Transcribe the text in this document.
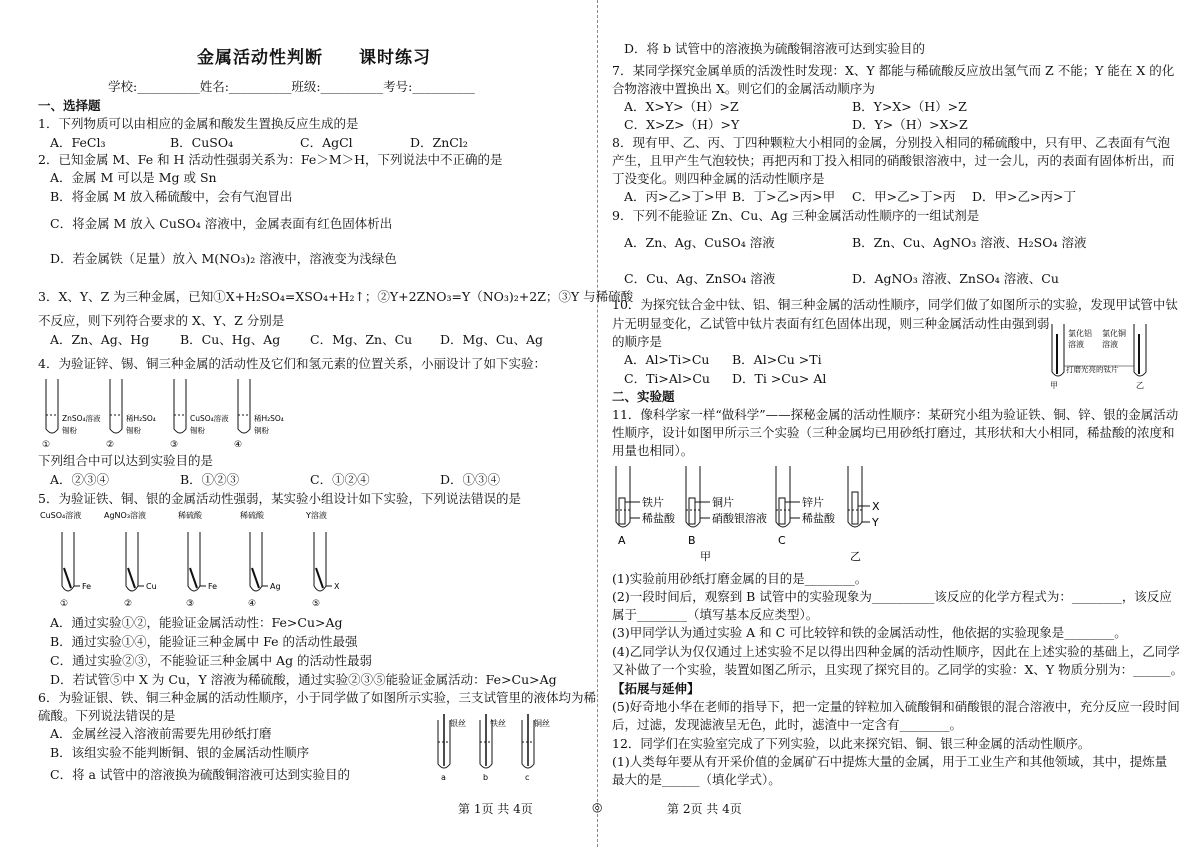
金属活动性判断　　课时练习
学校:__________姓名:__________班级:__________考号:__________
一、选择题
1．下列物质可以由相应的金属和酸发生置换反应生成的是
A．FeCl₃	B．CuSO₄	C．AgCl	D．ZnCl₂
2．已知金属 M、Fe 和 H 活动性强弱关系为：Fe＞M＞H，下列说法中不正确的是
A．金属 M 可以是 Mg 或 Sn
B．将金属 M 放入稀硫酸中，会有气泡冒出
C．将金属 M 放入 CuSO₄ 溶液中，金属表面有红色固体析出
D．若金属铁（足量）放入 M(NO₃)₂ 溶液中，溶液变为浅绿色
3．X、Y、Z 为三种金属，已知①X+H₂SO₄=XSO₄+H₂↑；②Y+2ZNO₃=Y（NO₃)₂+2Z；③Y 与稀硫酸
不反应，则下列符合要求的 X、Y、Z 分别是
A．Zn、Ag、Hg	B．Cu、Hg、Ag	C．Mg、Zn、Cu	D．Mg、Cu、Ag
4．为验证锌、锡、铜三种金属的活动性及它们和氢元素的位置关系，小丽设计了如下实验：
ZnSO₄溶液
锡粉
①
稀H₂SO₄
锡粉
②
CuSO₄溶液
锡粉
③
稀H₂SO₄
铜粉
④
下列组合中可以达到实验目的是
A．②③④	B．①②③	C．①②④	D．①③④
5．为验证铁、铜、银的金属活动性强弱，某实验小组设计如下实验，下列说法错误的是
CuSO₄溶液
Fe
①
AgNO₃溶液
Cu
②
稀硫酸
Fe
③
稀硫酸
Ag
④
Y溶液
X
⑤
A．通过实验①②，能验证金属活动性：Fe>Cu>Ag
B．通过实验①④，能验证三种金属中 Fe 的活动性最强
C．通过实验②③，不能验证三种金属中 Ag 的活动性最弱
D．若试管⑤中 X 为 Cu，Y 溶液为稀硫酸，通过实验②③⑤能验证金属活动：Fe>Cu>Ag
6．为验证银、铁、铜三种金属的活动性顺序，小于同学做了如图所示实验，三支试管里的液体均为稀
硫酸。下列说法错误的是
A．金属丝浸入溶液前需要先用砂纸打磨
B．该组实验不能判断铜、银的金属活动性顺序
C．将 a 试管中的溶液换为硫酸铜溶液可达到实验目的
银丝
a
铁丝
b
铜丝
c
第 1页 共 4页	◎
D．将 b 试管中的溶液换为硫酸铜溶液可达到实验目的
7．某同学探究金属单质的活泼性时发现：X、Y 都能与稀硫酸反应放出氢气而 Z 不能；Y 能在 X 的化
合物溶液中置换出 X。则它们的金属活动顺序为
A．X>Y>（H）>Z	B．Y>X>（H）>Z
C．X>Z>（H）>Y	D．Y>（H）>X>Z
8．现有甲、乙、丙、丁四种颗粒大小相同的金属，分别投入相同的稀硫酸中，只有甲、乙表面有气泡
产生，且甲产生气泡较快；再把丙和丁投入相同的硝酸银溶液中，过一会儿，丙的表面有固体析出，而
丁没变化。则四种金属的活动性顺序是
A．丙>乙>丁>甲 B．丁>乙>丙>甲	C．甲>乙>丁>丙	D．甲>乙>丙>丁
9．下列不能验证 Zn、Cu、Ag 三种金属活动性顺序的一组试剂是
A．Zn、Ag、CuSO₄ 溶液	B．Zn、Cu、AgNO₃ 溶液、H₂SO₄ 溶液
C．Cu、Ag、ZnSO₄ 溶液	D．AgNO₃ 溶液、ZnSO₄ 溶液、Cu
10．为探究钛合金中钛、铝、铜三种金属的活动性顺序，同学们做了如图所示的实验，发现甲试管中钛
片无明显变化，乙试管中钛片表面有红色固体出现，则三种金属活动性由强到弱
的顺序是
A．Al>Ti>Cu	B．Al>Cu >Ti
C．Ti>Al>Cu	D．Ti >Cu> Al
氯化铝
溶液
氯化铜
溶液
打磨光亮的钛片
甲	乙
二、实验题
11．像科学家一样“做科学”——探秘金属的活动性顺序：某研究小组为验证铁、铜、锌、银的金属活动
性顺序，设计如图甲所示三个实验（三种金属均已用砂纸打磨过，其形状和大小相同，稀盐酸的浓度和
用量也相同）。
铁片
稀盐酸
A
铜片
硝酸银溶液
B
锌片
稀盐酸
C
X
Y
甲	乙
(1)实验前用砂纸打磨金属的目的是________。
(2)一段时间后，观察到 B 试管中的实验现象为__________该反应的化学方程式为：________，该反应
属于________（填写基本反应类型）。
(3)甲同学认为通过实验 A 和 C 可比较锌和铁的金属活动性，他依据的实验现象是________。
(4)乙同学认为仅仅通过上述实验不足以得出四种金属的活动性顺序，因此在上述实验的基础上，乙同学
又补做了一个实验，装置如图乙所示，且实现了探究目的。乙同学的实验：X、Y 物质分别为：______。
【拓展与延伸】
(5)好奇地小华在老师的指导下，把一定量的锌粒加入硫酸铜和硝酸银的混合溶液中，充分反应一段时间
后，过滤，发现滤液呈无色，此时，滤渣中一定含有________。
12．同学们在实验室完成了下列实验，以此来探究铝、铜、银三种金属的活动性顺序。
(1)人类每年要从有开采价值的金属矿石中提炼大量的金属，用于工业生产和其他领域，其中，提炼量
最大的是______（填化学式）。
第 2页 共 4页
